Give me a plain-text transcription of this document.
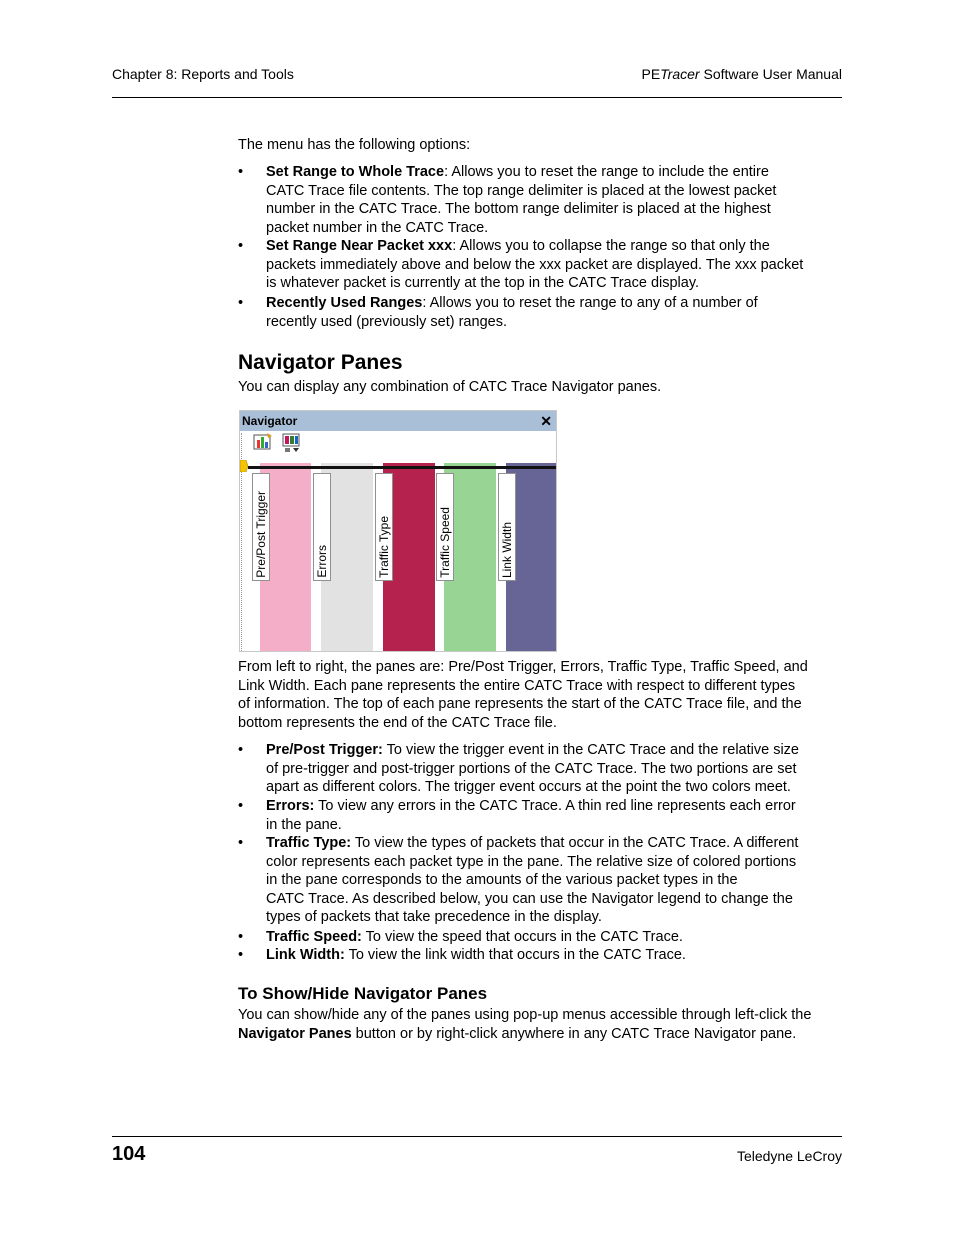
Chapter 8: Reports and Tools	PETracer Software User Manual
The menu has the following options:
• Set Range to Whole Trace: Allows you to reset the range to include the entire
CATC Trace file contents. The top range delimiter is placed at the lowest packet
number in the CATC Trace. The bottom range delimiter is placed at the highest
packet number in the CATC Trace.
• Set Range Near Packet xxx: Allows you to collapse the range so that only the
packets immediately above and below the xxx packet are displayed. The xxx packet
is whatever packet is currently at the top in the CATC Trace display.
• Recently Used Ranges: Allows you to reset the range to any of a number of
recently used (previously set) ranges.
Navigator Panes
You can display any combination of CATC Trace Navigator panes.
Navigator	✕
Pre/Post Trigger	Errors	Traffic Type	Traffic Speed	Link Width
From left to right, the panes are: Pre/Post Trigger, Errors, Traffic Type, Traffic Speed, and
Link Width. Each pane represents the entire CATC Trace with respect to different types
of information. The top of each pane represents the start of the CATC Trace file, and the
bottom represents the end of the CATC Trace file.
• Pre/Post Trigger: To view the trigger event in the CATC Trace and the relative size
of pre-trigger and post-trigger portions of the CATC Trace. The two portions are set
apart as different colors. The trigger event occurs at the point the two colors meet.
• Errors: To view any errors in the CATC Trace. A thin red line represents each error
in the pane.
• Traffic Type: To view the types of packets that occur in the CATC Trace. A different
color represents each packet type in the pane. The relative size of colored portions
in the pane corresponds to the amounts of the various packet types in the
CATC Trace. As described below, you can use the Navigator legend to change the
types of packets that take precedence in the display.
• Traffic Speed: To view the speed that occurs in the CATC Trace.
• Link Width: To view the link width that occurs in the CATC Trace.
To Show/Hide Navigator Panes
You can show/hide any of the panes using pop-up menus accessible through left-click the
Navigator Panes button or by right-click anywhere in any CATC Trace Navigator pane.
104	Teledyne LeCroy
